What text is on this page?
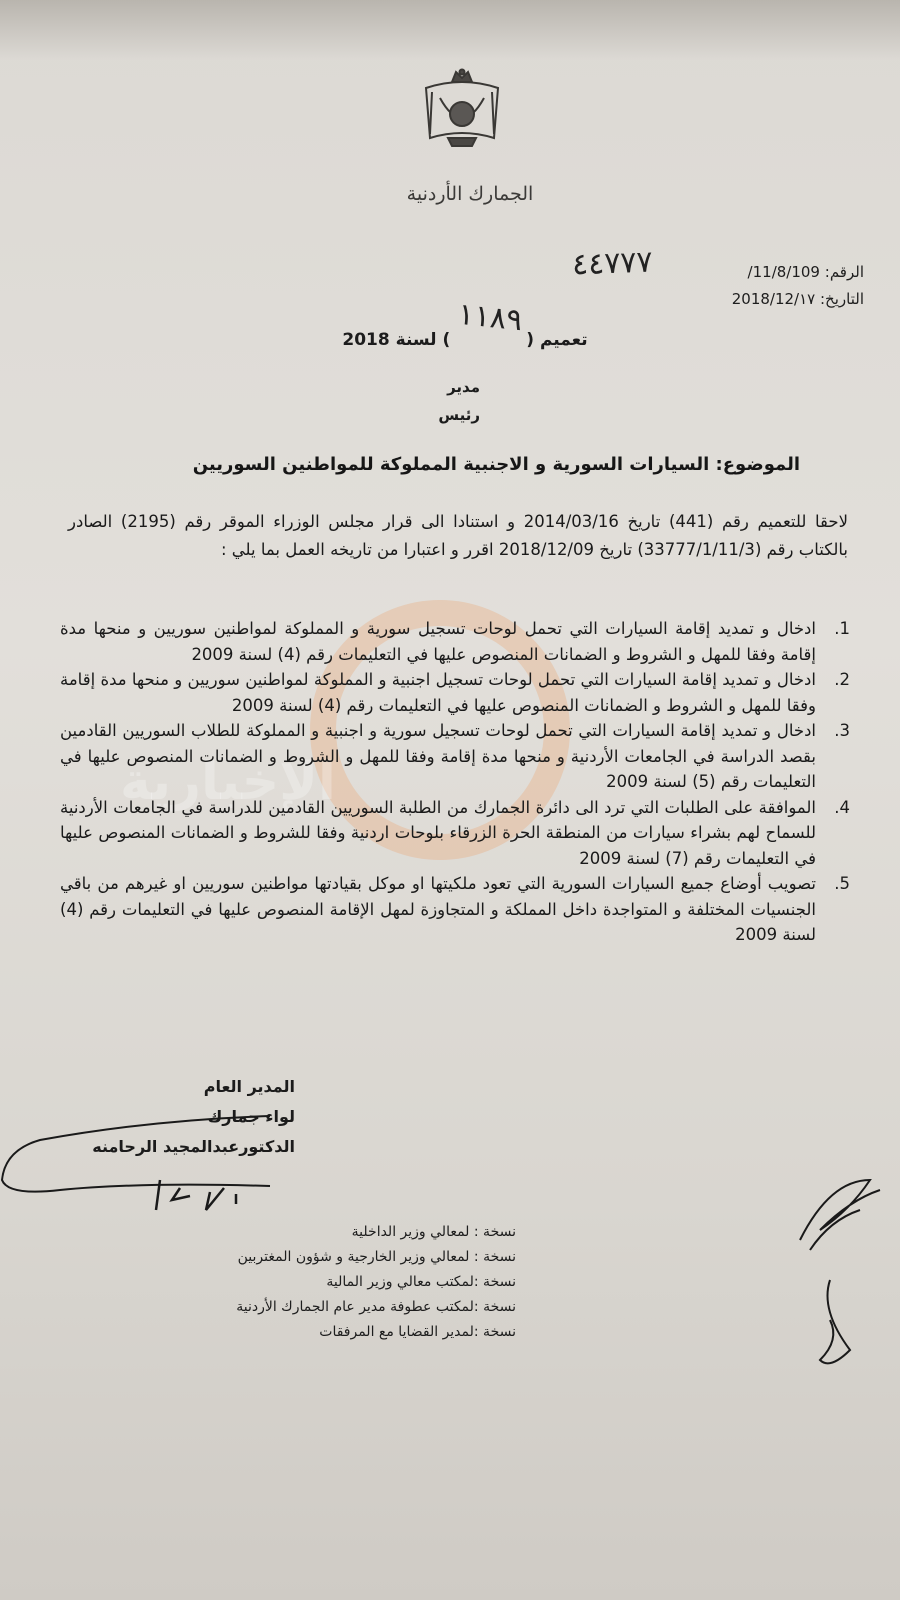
الإخبارية
الجمارك الأردنية
الرقم: 11/8/109/
٤٤٧٧٧
التاريخ: 2018/12/١٧
تعميم () لسنة 2018
١١٨٩
مدير
رئيس
الموضوع: السيارات السورية و الاجنبية المملوكة للمواطنين السوريين
لاحقا للتعميم رقم (441) تاريخ 2014/03/16 و استنادا الى قرار مجلس الوزراء الموقر رقم (2195) الصادر بالكتاب رقم (33777/1/11/3) تاريخ 2018/12/09 اقرر و اعتبارا من تاريخه العمل بما يلي :
1.
ادخال و تمديد إقامة السيارات التي تحمل لوحات تسجيل سورية و المملوكة لمواطنين سوريين و منحها مدة إقامة وفقا للمهل و الشروط و الضمانات المنصوص عليها في التعليمات رقم (4) لسنة 2009
2.
ادخال و تمديد إقامة السيارات التي تحمل لوحات تسجيل اجنبية و المملوكة لمواطنين سوريين و منحها مدة إقامة وفقا للمهل و الشروط و الضمانات المنصوص عليها في التعليمات رقم (4) لسنة 2009
3.
ادخال و تمديد إقامة السيارات التي تحمل لوحات تسجيل سورية و اجنبية و المملوكة للطلاب السوريين القادمين بقصد الدراسة في الجامعات الأردنية و منحها مدة إقامة وفقا للمهل و الشروط و الضمانات المنصوص عليها في التعليمات رقم (5) لسنة 2009
4.
الموافقة على الطلبات التي ترد الى دائرة الجمارك من الطلبة السوريين القادمين للدراسة في الجامعات الأردنية للسماح لهم بشراء سيارات من المنطقة الحرة الزرقاء بلوحات اردنية وفقا للشروط و الضمانات المنصوص عليها في التعليمات رقم (7) لسنة 2009
5.
تصويب أوضاع جميع السيارات السورية التي تعود ملكيتها او موكل بقيادتها مواطنين سوريين او غيرهم من باقي الجنسيات المختلفة و المتواجدة داخل المملكة و المتجاوزة لمهل الإقامة المنصوص عليها في التعليمات رقم (4) لسنة 2009
المدير العام
لواء جمارك
الدكتورعبدالمجيد الرحامنه
نسخة : لمعالي وزير الداخلية
نسخة : لمعالي وزير الخارجية و شؤون المغتربين
نسخة :لمكتب معالي وزير المالية
نسخة :لمكتب عطوفة مدير عام الجمارك الأردنية
نسخة :لمدير القضايا مع المرفقات
